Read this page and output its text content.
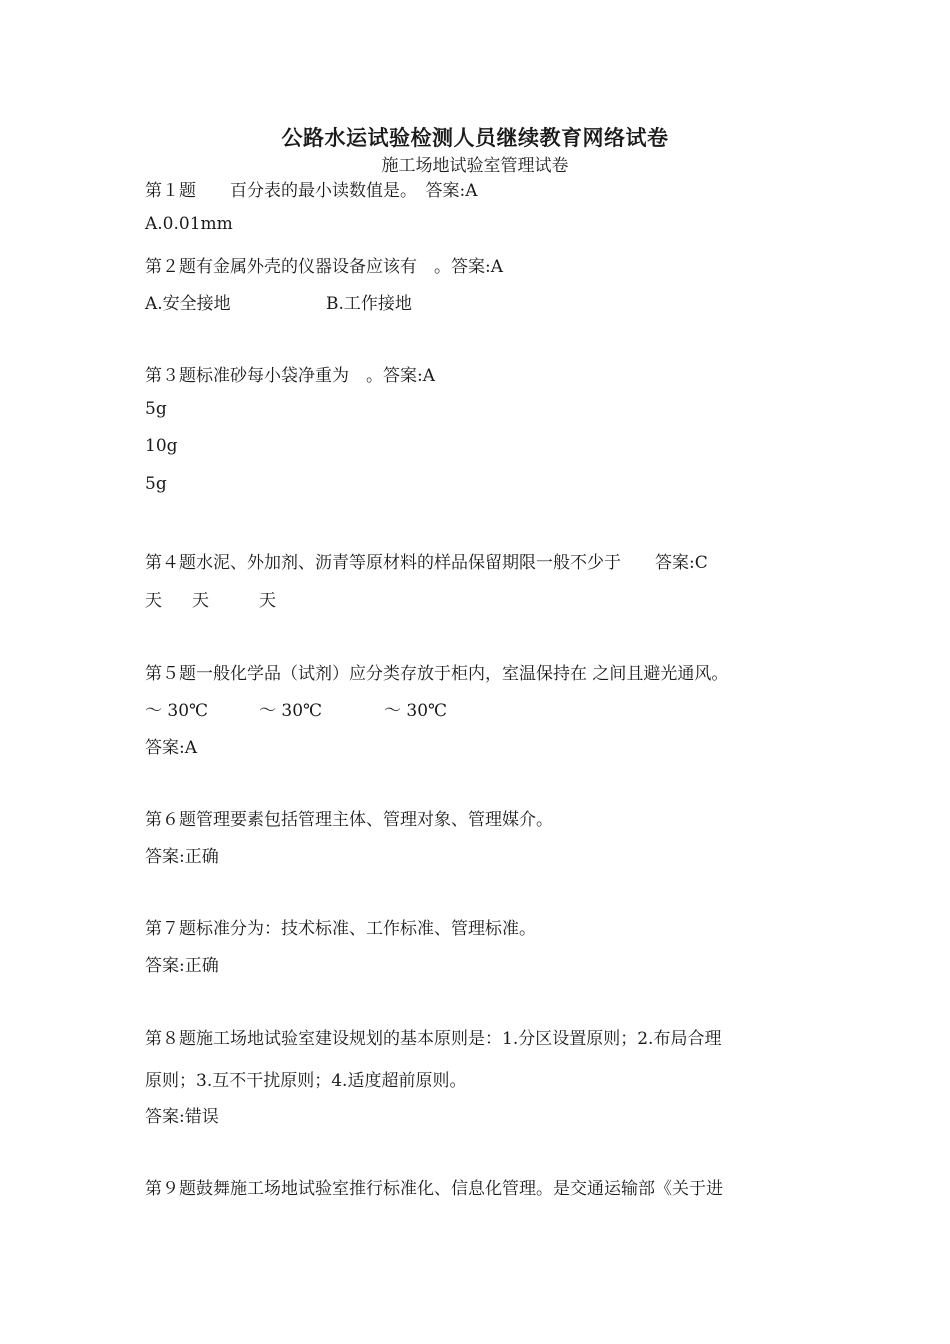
公路水运试验检测人员继续教育网络试卷
施工场地试验室管理试卷
第１题　　百分表的最小读数值是。　答案:A
A.0.01mm
第２题有金属外壳的仪器设备应该有　。答案:A
A.安全接地	B.工作接地
第３题标准砂每小袋净重为　。答案:A
5g
10g
5g
第４题水泥、外加剂、沥青等原材料的样品保留期限一般不少于　　答案:C
天 天	天
第５题一般化学品（试剂）应分类存放于柜内，室温保持在 之间且避光通风。
～ 30℃	～ 30℃	～ 30℃
答案:A
第６题管理要素包括管理主体、管理对象、管理媒介。
答案:正确
第７题标准分为：技术标准、工作标准、管理标准。
答案:正确
第８题施工场地试验室建设规划的基本原则是：1.分区设置原则；2.布局合理
原则；3.互不干扰原则；4.适度超前原则。
答案:错误
第９题鼓舞施工场地试验室推行标准化、信息化管理。是交通运输部《关于进
